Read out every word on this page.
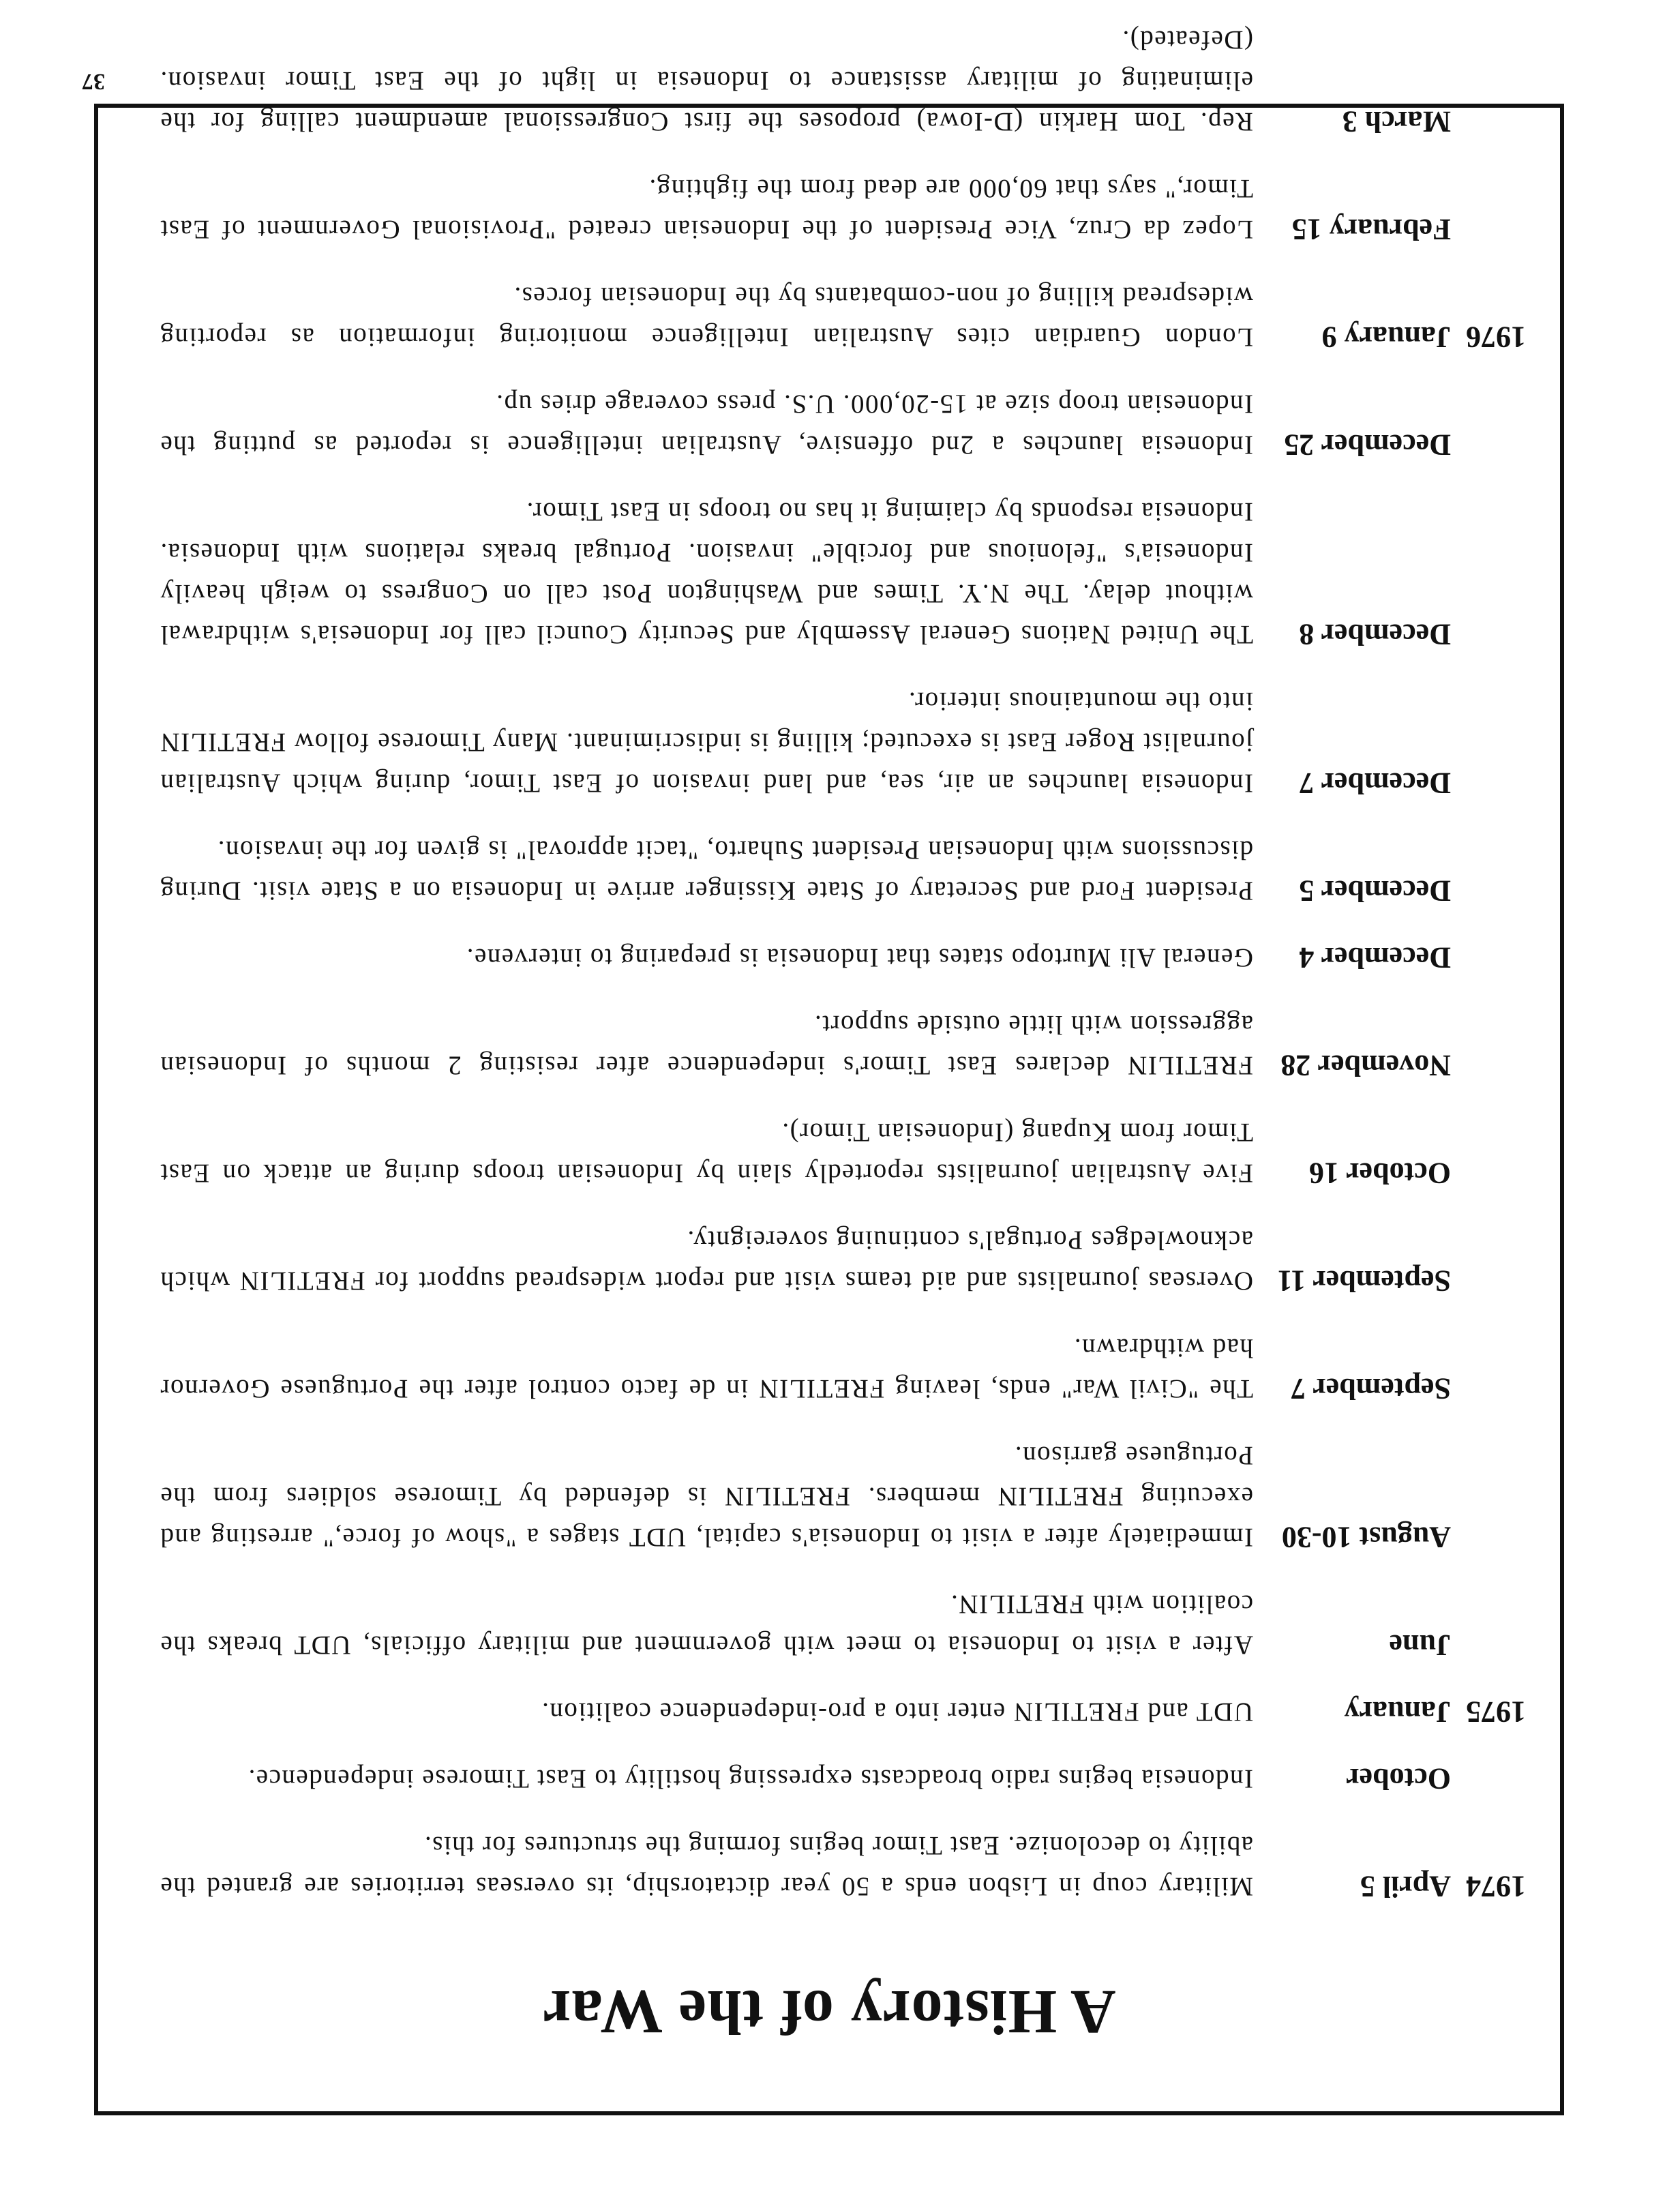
A History of the War
1974
April 5
Military coup in Lisbon ends a 50 year dictatorship, its overseas territories are granted the ability to decolonize. East Timor begins forming the structures for this.
October
Indonesia begins radio broadcasts expressing hostility to East Timorese independence.
1975
January
UDT and FRETILIN enter into a pro-independence coalition.
June
After a visit to Indonesia to meet with government and military officials, UDT breaks the coalition with FRETILIN.
August 10-30
Immediately after a visit to Indonesia's capital, UDT stages a "show of force," arresting and executing FRETILIN members. FRETILIN is defended by Timorese soldiers from the Portuguese garrison.
September 7
The "Civil War" ends, leaving FRETILIN in de facto control after the Portuguese Governor had withdrawn.
September 11
Overseas journalists and aid teams visit and report widespread support for FRETILIN which acknowledges Portugal's continuing sovereignty.
October 16
Five Australian journalists reportedly slain by Indonesian troops during an attack on East Timor from Kupang (Indonesian Timor).
November 28
FRETILIN declares East Timor's independence after resisting 2 months of Indonesian aggression with little outside support.
December 4
General Ali Murtopo states that Indonesia is preparing to intervene.
December 5
President Ford and Secretary of State Kissinger arrive in Indonesia on a State visit. During discussions with Indonesian President Suharto, "tacit approval" is given for the invasion.
December 7
Indonesia launches an air, sea, and land invasion of East Timor, during which Australian journalist Roger East is executed; killing is indiscriminant. Many Timorese follow FRETILIN into the mountainous interior.
December 8
The United Nations General Assembly and Security Council call for Indonesia's withdrawal without delay. The N.Y. Times and Washington Post call on Congress to weigh heavily Indonesia's "felonious and forcible" invasion. Portugal breaks relations with Indonesia. Indonesia responds by claiming it has no troops in East Timor.
December 25
Indonesia launches a 2nd offensive, Australian intelligence is reported as putting the Indonesian troop size at 15-20,000. U.S. press coverage dries up.
1976
January 9
London Guardian cites Australian Intelligence monitoring information as reporting widespread killing of non-combatants by the Indonesian forces.
February 15
Lopez da Cruz, Vice President of the Indonesian created "Provisional Government of East Timor," says that 60,000 are dead from the fighting.
March 3
Rep. Tom Harkin (D-Iowa) proposes the first Congressional amendment calling for the eliminating of military assistance to Indonesia in light of the East Timor invasion. (Defeated).
37
